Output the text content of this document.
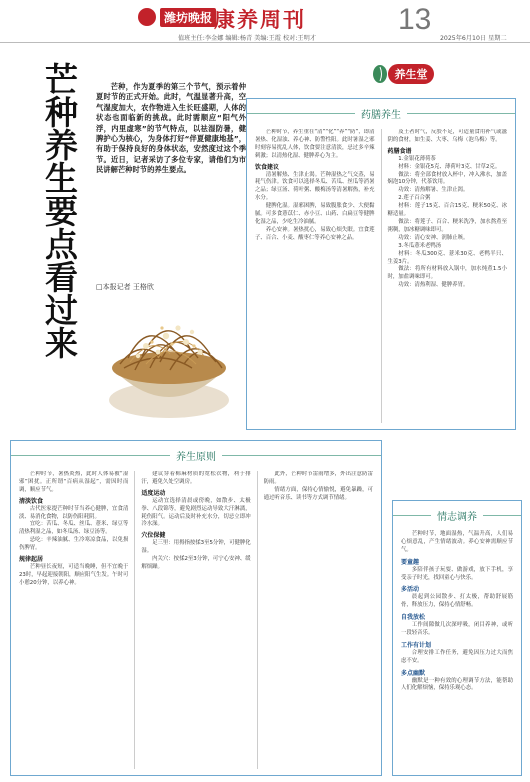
潍坊晚报 康养周刊	13
值班主任:李金娜 编辑:杨青 美编:王霞 校对:王明才	2025年6月10日 星期二
芒种养生要点看过来	芒种，作为夏季的第三个节气，预示着仲夏时节的正式开始。此时，气温显著升高，空气湿度加大，农作物进入生长旺盛期，人体的状态也面临新的挑战。此时需顺应“阳气外浮，内里虚寒”的节气特点，以祛湿防暑，健脾护心为核心，为身体打好“伴夏健康地基”，有助于保持良好的身体状态，安然度过这个季节。近日，记者采访了多位专家，请他们为市民讲解芒种时节的养生要点。

□本报记者 王格欣
养生堂
药膳养生

芒种时节，养生重在“清”“化”“养”“防”，即清暑热、化湿浊、养心神、防警性阳。此时暑湿之邪时刻容易扰乱人体，饮食要注意清淡，忌过多辛辣刺激；以清热化湿、健脾养心为主。

饮食建议

清暑解热、生津止渴。芒种湿热之气交蒸，易耗气伤津。饮食可以选择冬瓜、苦瓜、丝瓜等消暑之品；绿豆汤、荷叶粥、酸梅汤等清暑解热，补充水分。

健脾化湿。湿邪困脾，易致腹胀食少、大便黏腻。可多食薏苡仁、赤小豆、山药、白扁豆等健脾化湿之品，少吃生冷油腻。

养心安神。暑热扰心，易致心烦失眠。宜食莲子、百合、小麦、酸枣仁等养心安神之品。

及王者时气，反胶不足，可适量食用补气或滋阴的食材，如生姜、大枣、乌梅（泡乌梅）等。

药膳食谱

1.金银花薄荷茶

材料：金银花5克、薄荷叶3克、甘草2克。

做法：将全部食材放入杯中，冲入沸水，加盖焖泡10分钟，代茶饮用。

功效：清热解暑、生津止渴。

2.莲子百合粥

材料：莲子15克、百合15克、粳米50克、冰糖适量。

做法：将莲子、百合、粳米洗净，加水熬煮至粥稠，加冰糖调味即可。

功效：清心安神、润肺止咳。

3.冬瓜薏米老鸭汤

材料：冬瓜300克、薏米30克、老鸭半只、生姜3片。

做法：将所有材料放入锅中，加水炖煮1.5小时，加盐调味即可。

功效：清热利湿、健脾养胃。

养生原则

芒种时节，暑热炎热，此时人体易被“湿邪”困扰。正所谓“百病从湿起”，需因时而调，顺应节气。

清淡饮食

古代医家提芒种时节当养心健脾，宜食清淡、易消化食物，以防伤阳耗阴。

宜吃：苦瓜、冬瓜、丝瓜、薏米、绿豆等清热利湿之品，如冬瓜汤、绿豆汤等。

忌吃：辛辣油腻、生冷寒凉食品，以免损伤脾胃。

规律起居

芒种昼长夜短，可适当晚睡，但不宜晚于23时，早起迎接朝阳，顺应阳气生发。午时可小憩20分钟，以养心神。

建议穿着棉麻材质的宽松衣物，利于排汗，避免久处空调房。

适度运动

运动宜选择清晨或傍晚，如散步、太极拳、八段锦等，避免剧烈运动导致大汗淋漓，耗伤阳气。运动后及时补充水分，切忌立即冲冷水澡。

穴位保健

足三里：用拇指按揉3至5分钟，可健脾化湿。

内关穴：按揉2至3分钟，可宁心安神、缓解烦躁。

此外，芒种时节雷雨增多，外出注意防雷防雨。

情绪方面，保持心情愉悦，避免暴躁，可通过听音乐、读书等方式调节情绪。

情志调养

芒种时节，地面湿热，气温升高，人们易心烦意乱，产生情绪波动。养心安神需顺应节气。

要童趣

多陪伴孩子玩耍、做游戏，放下手机，享受亲子时光，找回童心与快乐。

多活动

晨起到公园散步、打太极，帮助舒展筋骨，释放压力，保持心情舒畅。

自我放松

工作间隙做几次深呼吸，闭目养神，或听一段轻音乐。

工作有计划

合理安排工作任务，避免因压力过大而焦虑不安。

多点幽默

幽默是一种有效的心理调节方法，能帮助人们化解烦恼，保持乐观心态。
